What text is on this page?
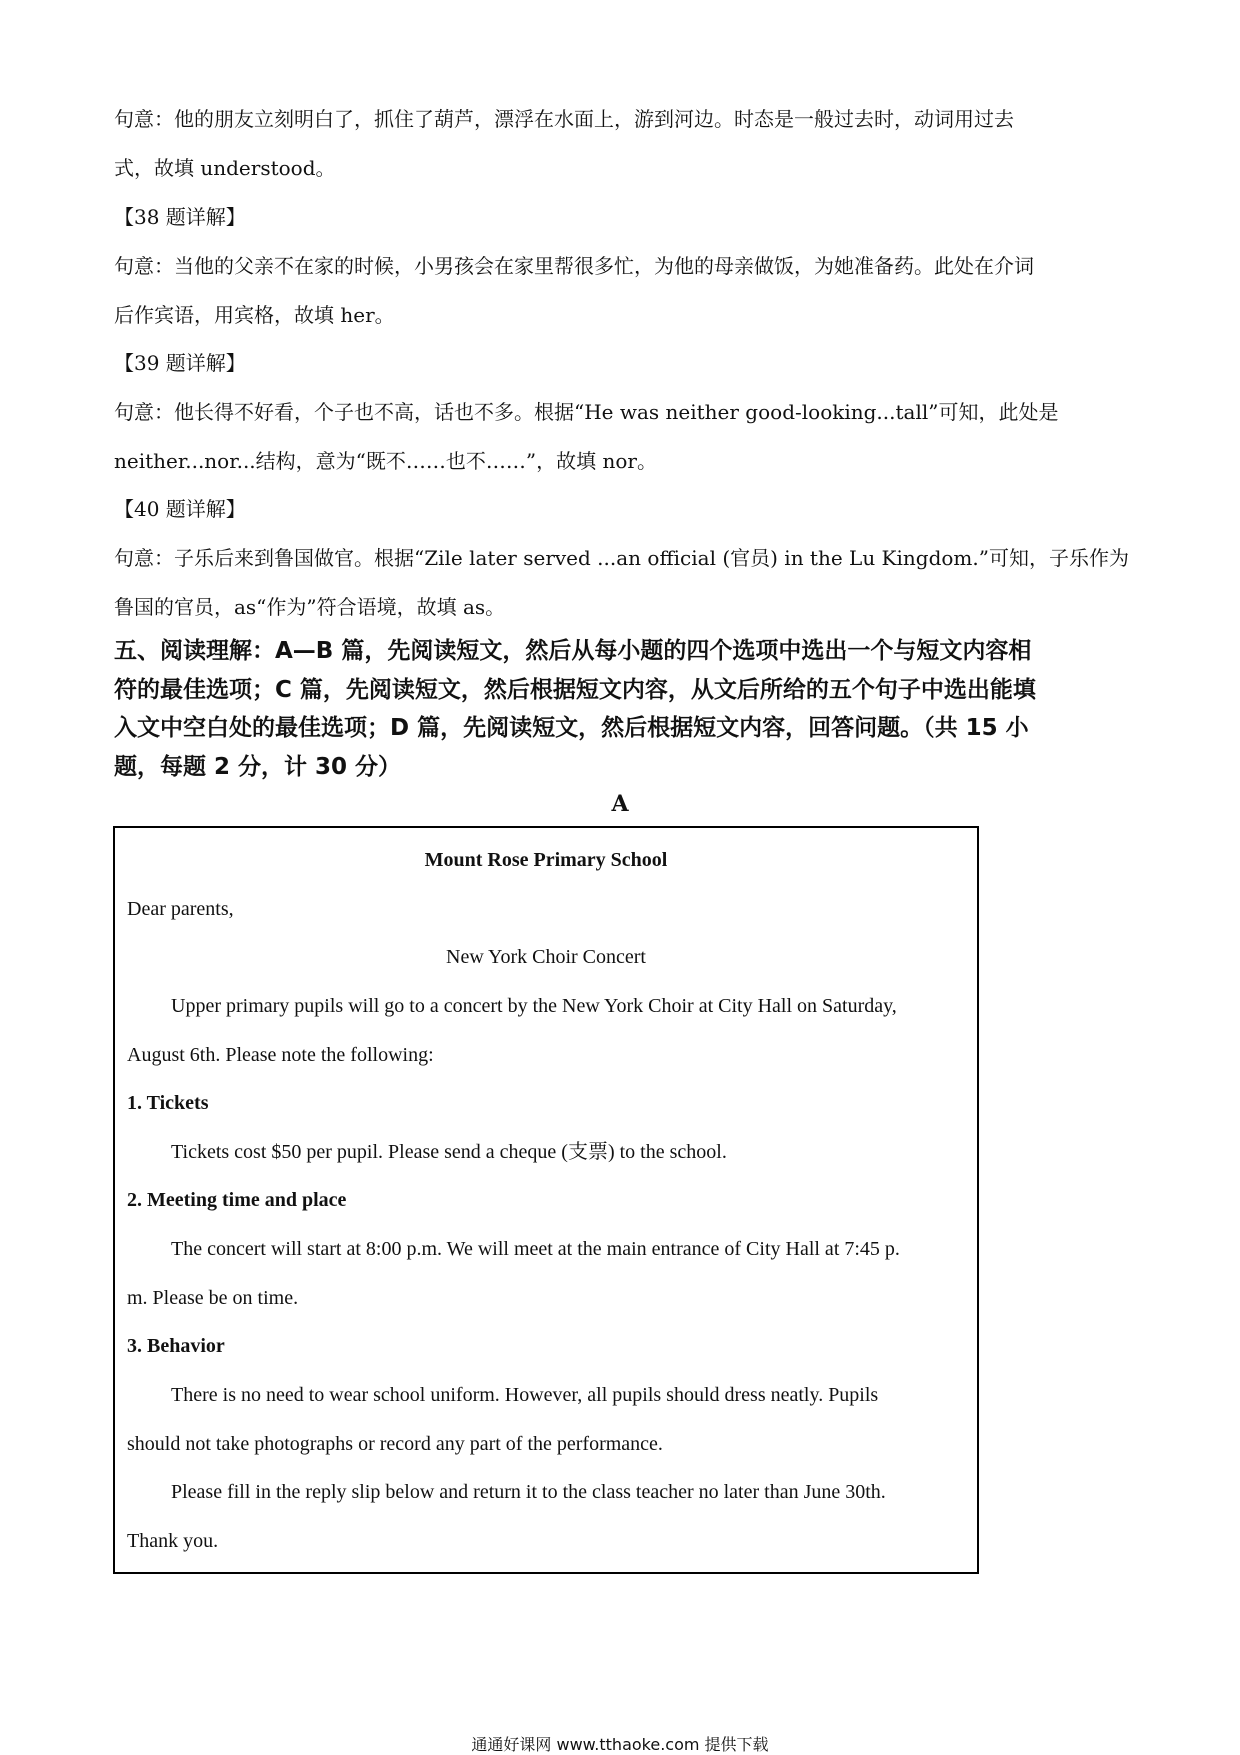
句意：他的朋友立刻明白了，抓住了葫芦，漂浮在水面上，游到河边。时态是一般过去时，动词用过去
式，故填 understood。
【38 题详解】
句意：当他的父亲不在家的时候，小男孩会在家里帮很多忙，为他的母亲做饭，为她准备药。此处在介词
后作宾语，用宾格，故填 her。
【39 题详解】
句意：他长得不好看，个子也不高，话也不多。根据“He was neither good-looking...tall”可知，此处是
neither...nor...结构，意为“既不……也不……”，故填 nor。
【40 题详解】
句意：子乐后来到鲁国做官。根据“Zile later served ...an official (官员) in the Lu Kingdom.”可知，子乐作为
鲁国的官员，as“作为”符合语境，故填 as。
五、阅读理解：A—B 篇，先阅读短文，然后从每小题的四个选项中选出一个与短文内容相
符的最佳选项；C 篇，先阅读短文，然后根据短文内容，从文后所给的五个句子中选出能填
入文中空白处的最佳选项；D 篇，先阅读短文，然后根据短文内容，回答问题。（共 15 小
题，每题 2 分，计 30 分）
A
Mount Rose Primary School
Dear parents,
New York Choir Concert
Upper primary pupils will go to a concert by the New York Choir at City Hall on Saturday,
August 6th. Please note the following:
1. Tickets
Tickets cost $50 per pupil. Please send a cheque (支票) to the school.
2. Meeting time and place
The concert will start at 8:00 p.m. We will meet at the main entrance of City Hall at 7:45 p.
m. Please be on time.
3. Behavior
There is no need to wear school uniform. However, all pupils should dress neatly. Pupils
should not take photographs or record any part of the performance.
Please fill in the reply slip below and return it to the class teacher no later than June 30th.
Thank you.
通通好课网 www.tthaoke.com 提供下载
